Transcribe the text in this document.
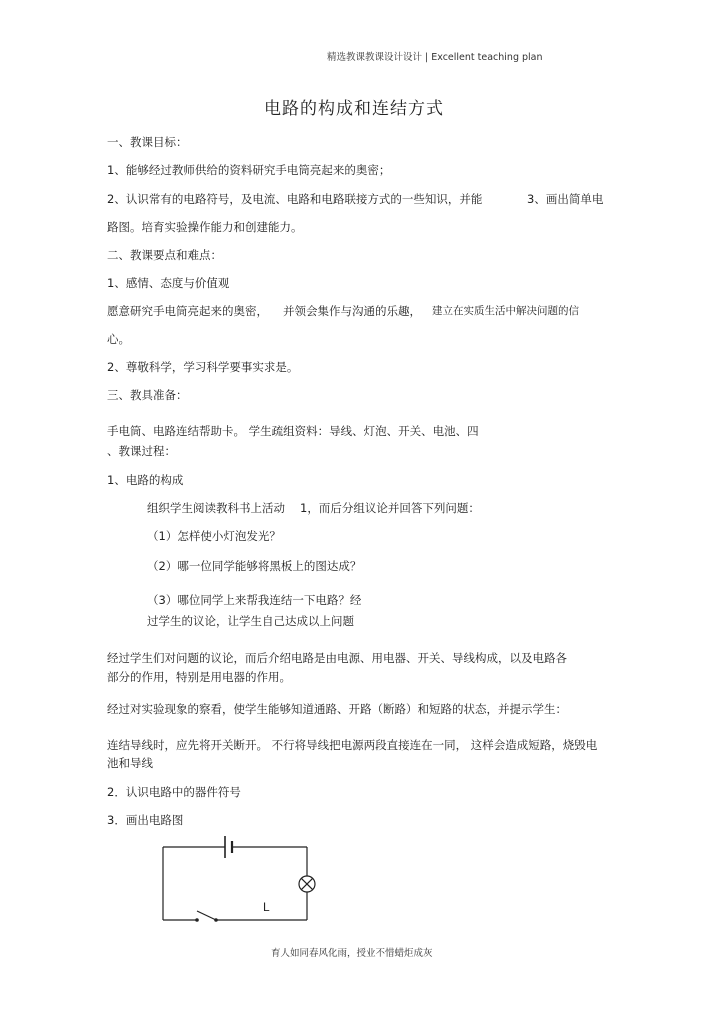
精选教课教课设计设计 | Excellent teaching plan
电路的构成和连结方式
一、教课目标：
1、能够经过教师供给的资料研究手电筒亮起来的奥密；
2、认识常有的电路符号，及电流、电路和电路联接方式的一些知识，并能	3、画出简单电
路图。培育实验操作能力和创建能力。
二、教课要点和难点：
1、感情、态度与价值观
愿意研究手电筒亮起来的奥密， 并领会集作与沟通的乐趣， 建立在实质生活中解决问题的信
心。
2、尊敬科学，学习科学要事实求是。
三、教具准备：
手电筒、电路连结帮助卡。 学生疏组资料：导线、灯泡、开关、电池、四
、教课过程：
1、电路的构成
组织学生阅读教科书上活动 1，而后分组议论并回答下列问题：
（1）怎样使小灯泡发光？
（2）哪一位同学能够将黑板上的图达成？
（3）哪位同学上来帮我连结一下电路？经
过学生的议论，让学生自己达成以上问题
经过学生们对问题的议论，而后介绍电路是由电源、用电器、开关、导线构成，以及电路各
部分的作用，特别是用电器的作用。
经过对实验现象的察看，使学生能够知道通路、开路（断路）和短路的状态，并提示学生：
连结导线时，应先将开关断开。 不行将导线把电源两段直接连在一同， 这样会造成短路，烧毁电
池和导线
2．认识电路中的器件符号
3．画出电路图
L
育人如同春风化雨，授业不惜蜡炬成灰
